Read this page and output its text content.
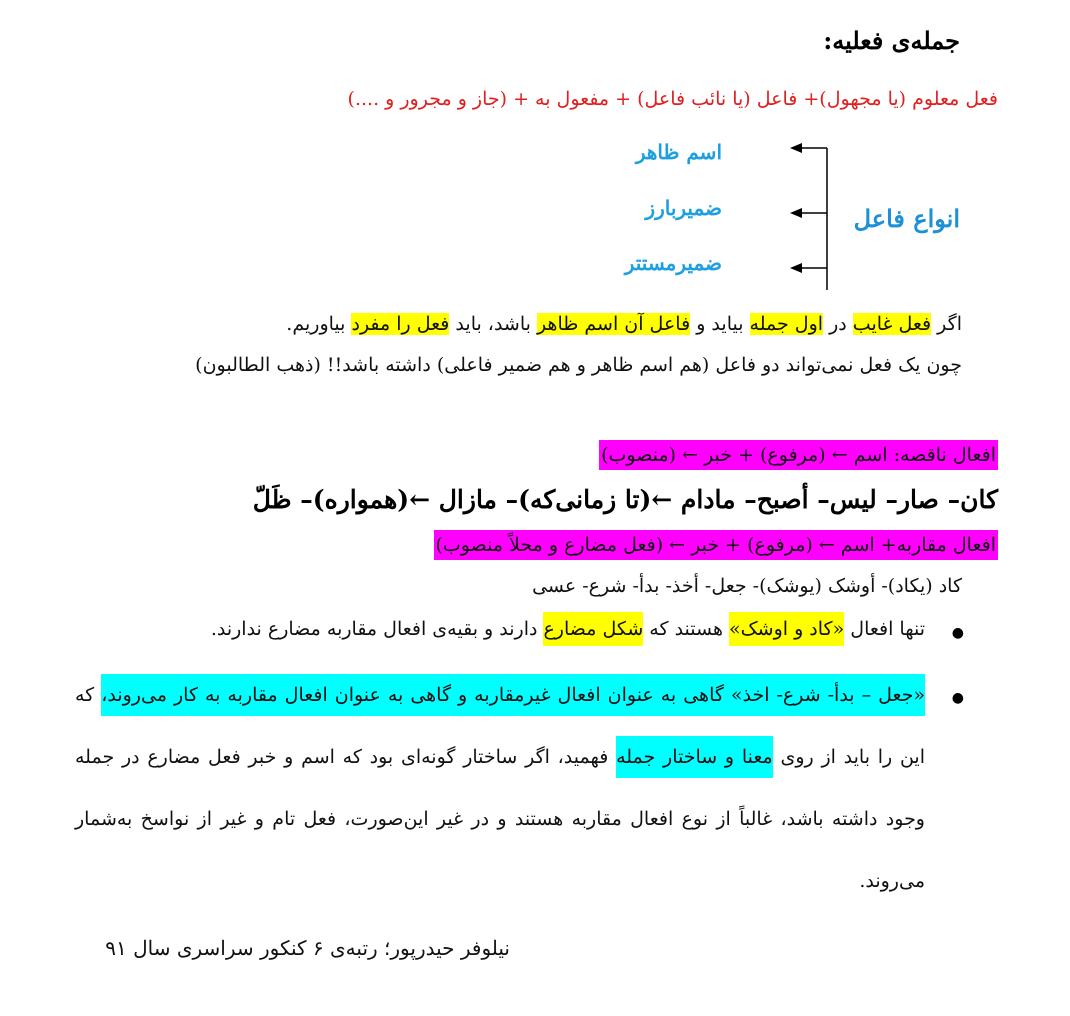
جمله‌ی فعلیه:
فعل معلوم (یا مجهول)+ فاعل (یا نائب فاعل) + مفعول به + (جاز و مجرور و ....)
انواع فاعل
اسم ظاهر
ضمیربارز
ضمیرمستتر
اگر فعل غایب در اول جمله بیاید و فاعل آن اسم ظاهر باشد، باید فعل را مفرد بیاوریم.
چون یک فعل نمی‌تواند دو فاعل (هم اسم ظاهر و هم ضمیر فاعلی) داشته باشد!! (ذهب الطالبون)
افعال ناقصه: اسم ← (مرفوع) + خبر ← (منصوب)
کان– صار– لیس– أصبح– مادام ←(تا زمانی‌که)– مازال ←(همواره)– ظَلّ
افعال مقاربه+ اسم ← (مرفوع) + خبر ← (فعل مضارع و محلاً منصوب)
کاد (یکاد)- أوشک (یوشک)- جعل- أخذ- بدأ- شرع- عسی
●
تنها افعال «کاد و اوشک» هستند که شکل مضارع دارند و بقیه‌ی افعال مقاربه مضارع ندارند.
●
«جعل – بدأ- شرع- اخذ» گاهی به عنوان افعال غیرمقاربه و گاهی به عنوان افعال مقاربه به کار می‌روند، که این را باید از روی معنا و ساختار جمله فهمید، اگر ساختار گونه‌ای بود که اسم و خبر فعل مضارع در جمله وجود داشته باشد، غالباً از نوع افعال مقاربه هستند و در غیر این‌صورت، فعل تام و غیر از نواسخ به‌شمار می‌روند.
نیلوفر حیدرپور؛ رتبه‌ی ۶ کنکور سراسری سال ۹۱
